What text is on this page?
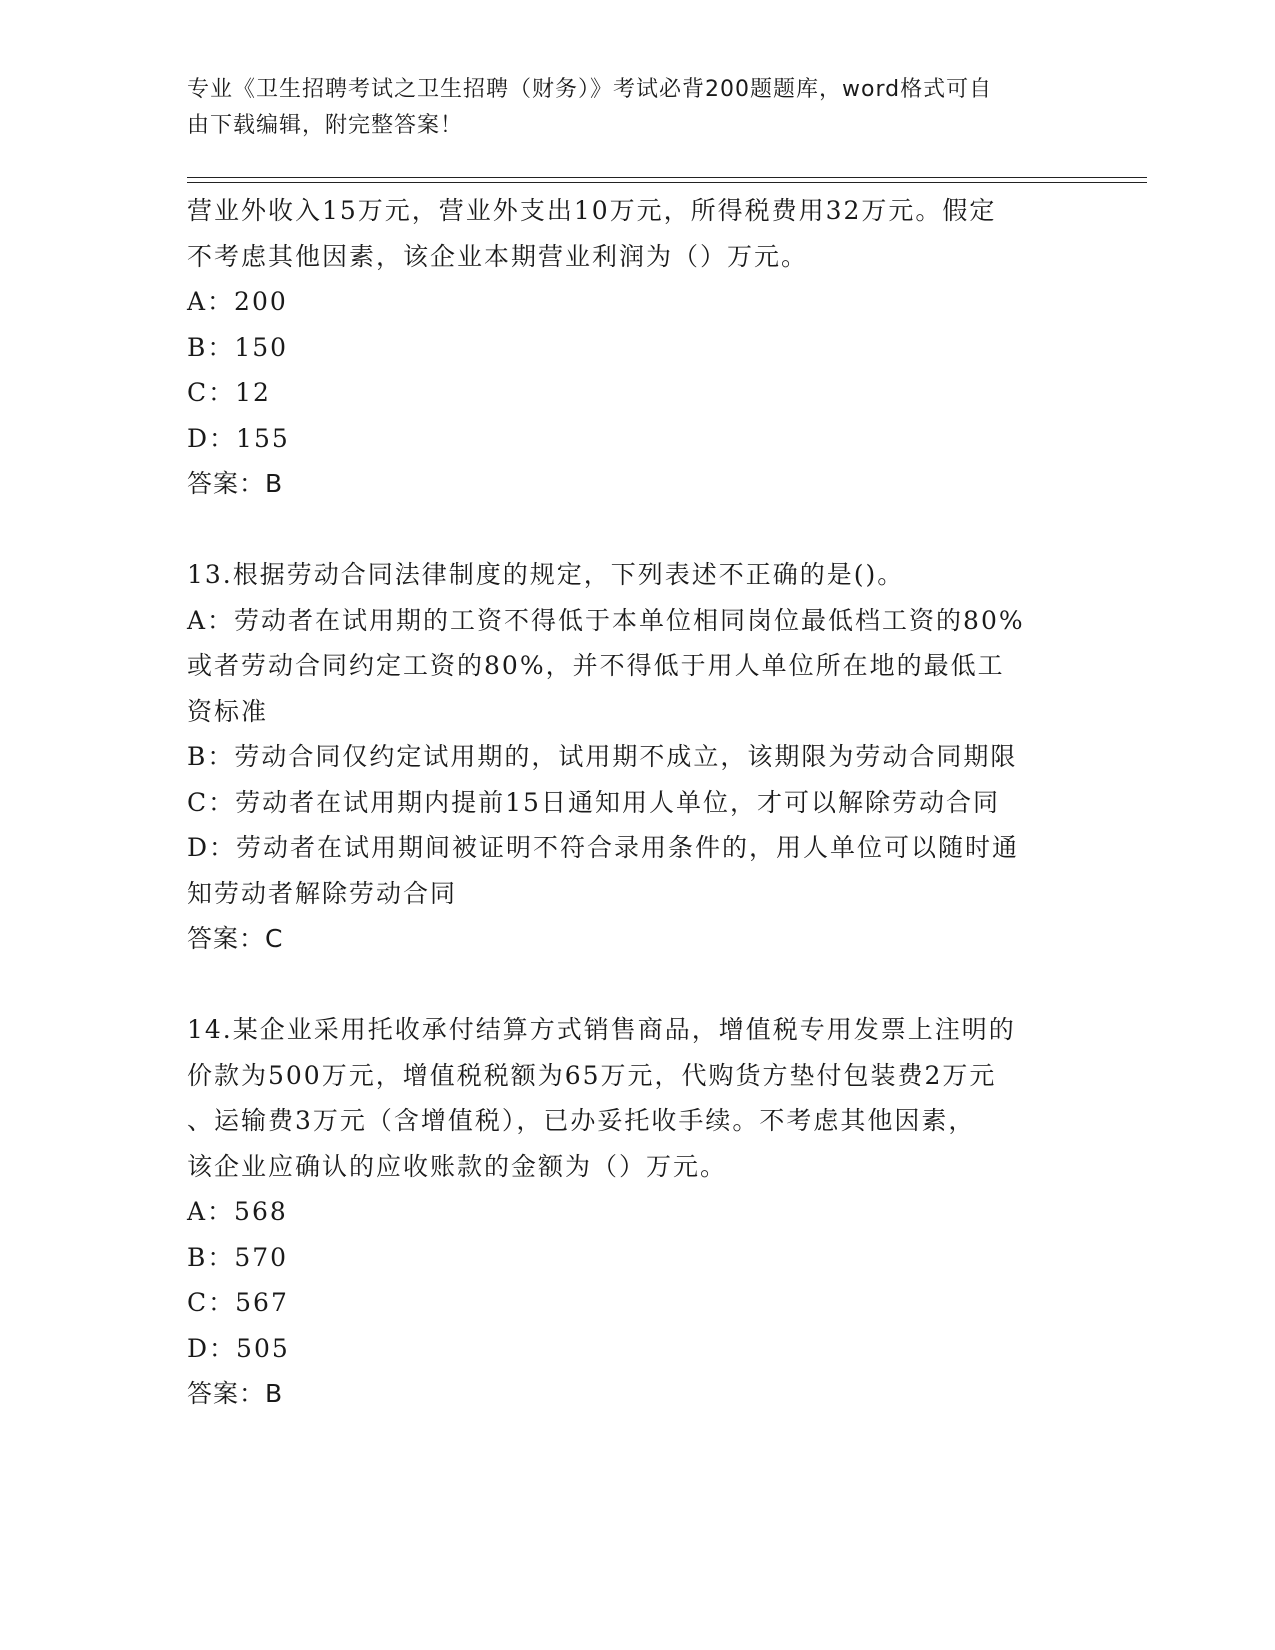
专业《卫生招聘考试之卫生招聘（财务）》考试必背200题题库，word格式可自
由下载编辑，附完整答案！
营业外收入15万元，营业外支出10万元，所得税费用32万元。假定
不考虑其他因素，该企业本期营业利润为（）万元。
A：200
B：150
C：12
D：155
答案：B
13.根据劳动合同法律制度的规定，下列表述不正确的是()。
A：劳动者在试用期的工资不得低于本单位相同岗位最低档工资的80%
或者劳动合同约定工资的80%，并不得低于用人单位所在地的最低工
资标准
B：劳动合同仅约定试用期的，试用期不成立，该期限为劳动合同期限
C：劳动者在试用期内提前15日通知用人单位，才可以解除劳动合同
D：劳动者在试用期间被证明不符合录用条件的，用人单位可以随时通
知劳动者解除劳动合同
答案：C
14.某企业采用托收承付结算方式销售商品，增值税专用发票上注明的
价款为500万元，增值税税额为65万元，代购货方垫付包装费2万元
、运输费3万元（含增值税），已办妥托收手续。不考虑其他因素，
该企业应确认的应收账款的金额为（）万元。
A：568
B：570
C：567
D：505
答案：B
